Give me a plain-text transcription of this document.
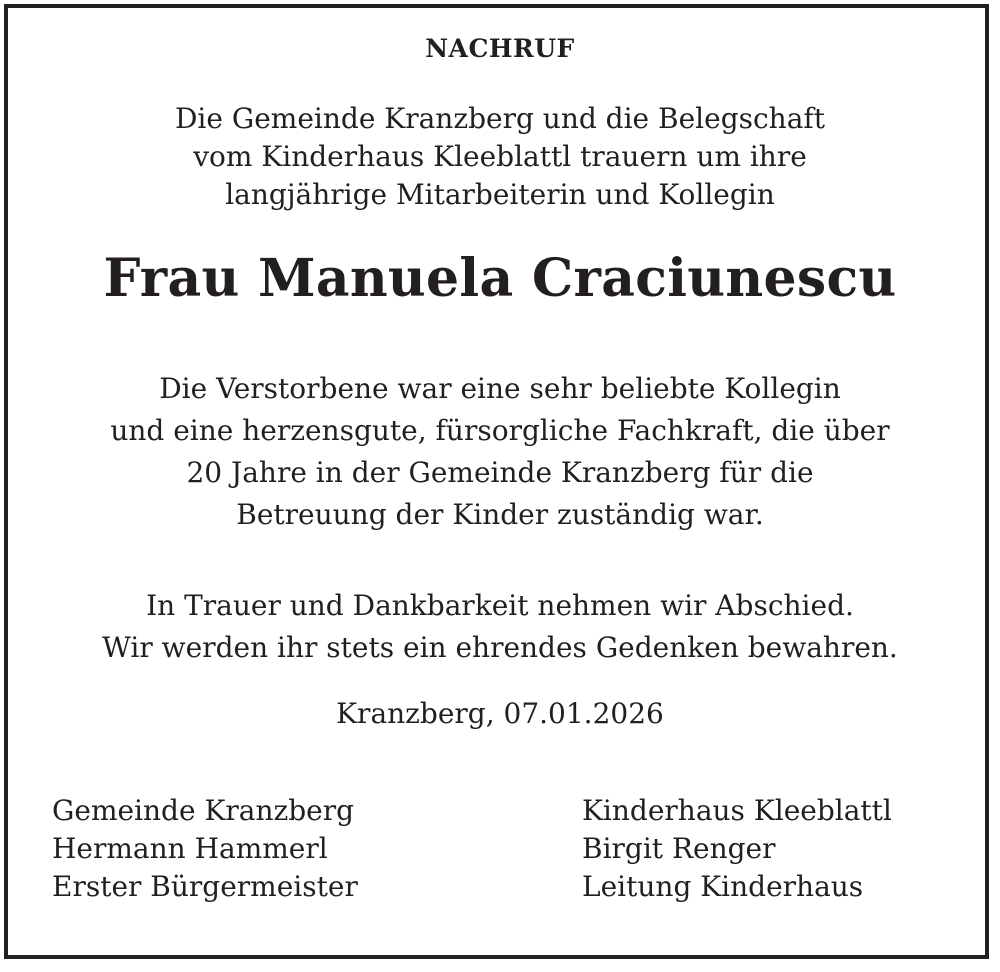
NACHRUF
Die Gemeinde Kranzberg und die Belegschaft
vom Kinderhaus Kleeblattl trauern um ihre
langjährige Mitarbeiterin und Kollegin
Frau Manuela Craciunescu
Die Verstorbene war eine sehr beliebte Kollegin
und eine herzensgute, fürsorgliche Fachkraft, die über
20 Jahre in der Gemeinde Kranzberg für die
Betreuung der Kinder zuständig war.
In Trauer und Dankbarkeit nehmen wir Abschied.
Wir werden ihr stets ein ehrendes Gedenken bewahren.
Kranzberg, 07.01.2026
Gemeinde Kranzberg
Hermann Hammerl
Erster Bürgermeister
Kinderhaus Kleeblattl
Birgit Renger
Leitung Kinderhaus
